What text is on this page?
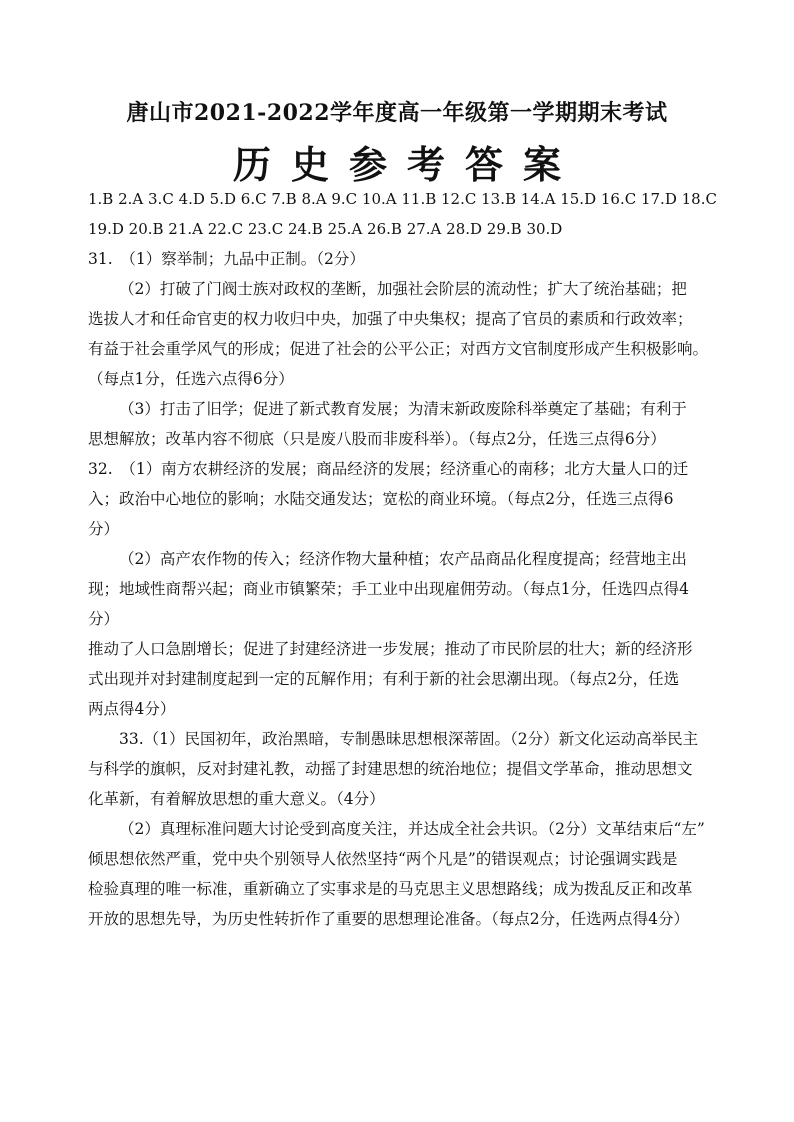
唐山市2021-2022学年度高一年级第一学期期末考试
历史参考答案

1.B 2.A 3.C 4.D 5.D 6.C 7.B 8.A 9.C 10.A 11.B 12.C 13.B 14.A 15.D 16.C 17.D 18.C

19.D 20.B 21.A 22.C 23.C 24.B 25.A 26.B 27.A 28.D 29.B 30.D

31.　（1）察举制；九品中正制。（2分）

（2）打破了门阀士族对政权的垄断，加强社会阶层的流动性；扩大了统治基础；把

选拔人才和任命官吏的权力收归中央，加强了中央集权；提高了官员的素质和行政效率；

有益于社会重学风气的形成；促进了社会的公平公正；对西方文官制度形成产生积极影响。

（每点1分，任选六点得6分）

（3）打击了旧学；促进了新式教育发展；为清末新政废除科举奠定了基础；有利于

思想解放；改革内容不彻底（只是废八股而非废科举）。（每点2分，任选三点得6分）

32.　（1）南方农耕经济的发展；商品经济的发展；经济重心的南移；北方大量人口的迁

入；政治中心地位的影响；水陆交通发达；宽松的商业环境。（每点2分，任选三点得6

分）

（2）高产农作物的传入；经济作物大量种植；农产品商品化程度提高；经营地主出

现；地域性商帮兴起；商业市镇繁荣；手工业中出现雇佣劳动。（每点1分，任选四点得4

分）

推动了人口急剧增长；促进了封建经济进一步发展；推动了市民阶层的壮大；新的经济形

式出现并对封建制度起到一定的瓦解作用；有利于新的社会思潮出现。（每点2分，任选

两点得4分）

33.（1）民国初年，政治黑暗，专制愚昧思想根深蒂固。（2分）新文化运动高举民主

与科学的旗帜，反对封建礼教，动摇了封建思想的统治地位；提倡文学革命，推动思想文

化革新，有着解放思想的重大意义。（4分）

（2）真理标准问题大讨论受到高度关注，并达成全社会共识。（2分）文革结束后“左”

倾思想依然严重，党中央个别领导人依然坚持“两个凡是”的错误观点；讨论强调实践是

检验真理的唯一标准，重新确立了实事求是的马克思主义思想路线；成为拨乱反正和改革

开放的思想先导，为历史性转折作了重要的思想理论准备。（每点2分，任选两点得4分）
